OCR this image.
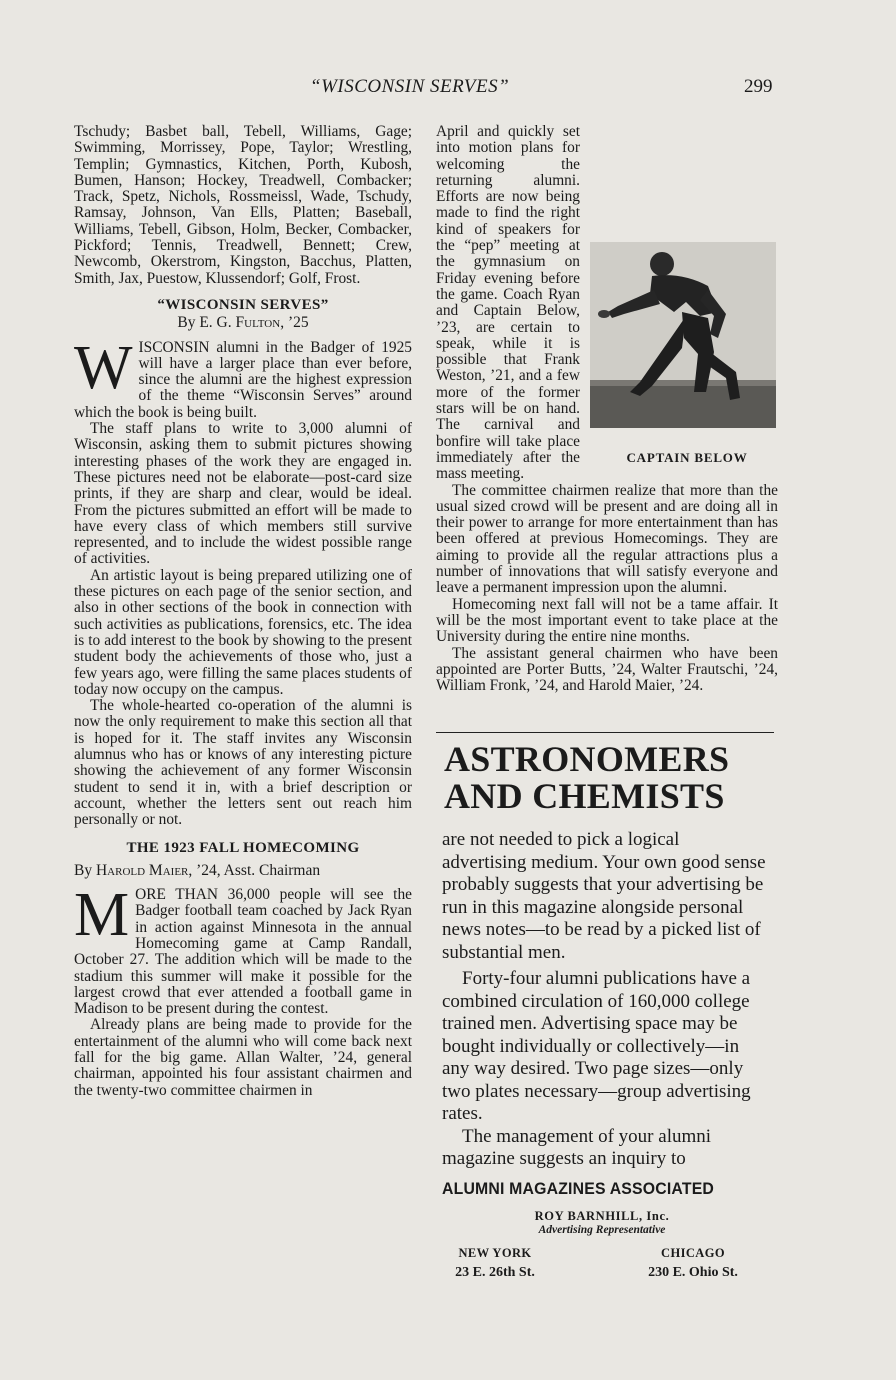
“WISCONSIN SERVES”	299

Tschudy; Basbet ball, Tebell, Williams, Gage; Swimming, Morrissey, Pope, Taylor; Wrestling, Templin; Gymnastics, Kitchen, Porth, Kubosh, Bumen, Hanson; Hockey, Treadwell, Combacker; Track, Spetz, Nichols, Rossmeissl, Wade, Tschudy, Ramsay, Johnson, Van Ells, Platten; Baseball, Williams, Tebell, Gibson, Holm, Becker, Combacker, Pickford; Tennis, Treadwell, Bennett; Crew, Newcomb, Okerstrom, Kingston, Bacchus, Platten, Smith, Jax, Puestow, Klussendorf; Golf, Frost.

“WISCONSIN SERVES”
By E. G. Fulton, ’25

WISCONSIN alumni in the Badger of 1925 will have a larger place than ever before, since the alumni are the highest expression of the theme “Wisconsin Serves” around which the book is being built.

The staff plans to write to 3,000 alumni of Wisconsin, asking them to submit pictures showing interesting phases of the work they are engaged in. These pictures need not be elaborate—post-card size prints, if they are sharp and clear, would be ideal. From the pictures submitted an effort will be made to have every class of which members still survive represented, and to include the widest possible range of activities.

An artistic layout is being prepared utilizing one of these pictures on each page of the senior section, and also in other sections of the book in connection with such activities as publications, forensics, etc. The idea is to add interest to the book by showing to the present student body the achievements of those who, just a few years ago, were filling the same places students of today now occupy on the campus.

The whole-hearted co-operation of the alumni is now the only requirement to make this section all that is hoped for it. The staff invites any Wisconsin alumnus who has or knows of any interesting picture showing the achievement of any former Wisconsin student to send it in, with a brief description or account, whether the letters sent out reach him personally or not.

THE 1923 FALL HOMECOMING
By Harold Maier, ’24, Asst. Chairman

MORE THAN 36,000 people will see the Badger football team coached by Jack Ryan in action against Minnesota in the annual Homecoming game at Camp Randall, October 27. The addition which will be made to the stadium this summer will make it possible for the largest crowd that ever attended a football game in Madison to be present during the contest.

Already plans are being made to provide for the entertainment of the alumni who will come back next fall for the big game. Allan Walter, ’24, general chairman, appointed his four assistant chairmen and the twenty-two committee chairmen in

CAPTAIN BELOW
April and quickly set into motion plans for welcoming the returning alumni. Efforts are now being made to find the right kind of speakers for the “pep” meeting at the gymnasium on Friday evening before the game. Coach Ryan and Captain Below, ’23, are certain to speak, while it is possible that Frank Weston, ’21, and a few more of the former stars will be on hand. The carnival and bonfire will take place immediately after the mass meeting.

The committee chairmen realize that more than the usual sized crowd will be present and are doing all in their power to arrange for more entertainment than has been offered at previous Homecomings. They are aiming to provide all the regular attractions plus a number of innovations that will satisfy everyone and leave a permanent impression upon the alumni.

Homecoming next fall will not be a tame affair. It will be the most important event to take place at the University during the entire nine months.

The assistant general chairmen who have been appointed are Porter Butts, ’24, Walter Frautschi, ’24, William Fronk, ’24, and Harold Maier, ’24.

ASTRONOMERS
AND CHEMISTS

are not needed to pick a logical advertising medium. Your own good sense probably suggests that your advertising be run in this magazine alongside personal news notes—to be read by a picked list of substantial men.

Forty-four alumni publications have a combined circulation of 160,000 college trained men. Advertising space may be bought individually or collectively—in any way desired. Two page sizes—only two plates necessary—group advertising rates.

The management of your alumni magazine suggests an inquiry to

ALUMNI MAGAZINES ASSOCIATED
ROY BARNHILL, Inc.
Advertising Representative
NEW YORK
23 E. 26th St.
CHICAGO
230 E. Ohio St.
